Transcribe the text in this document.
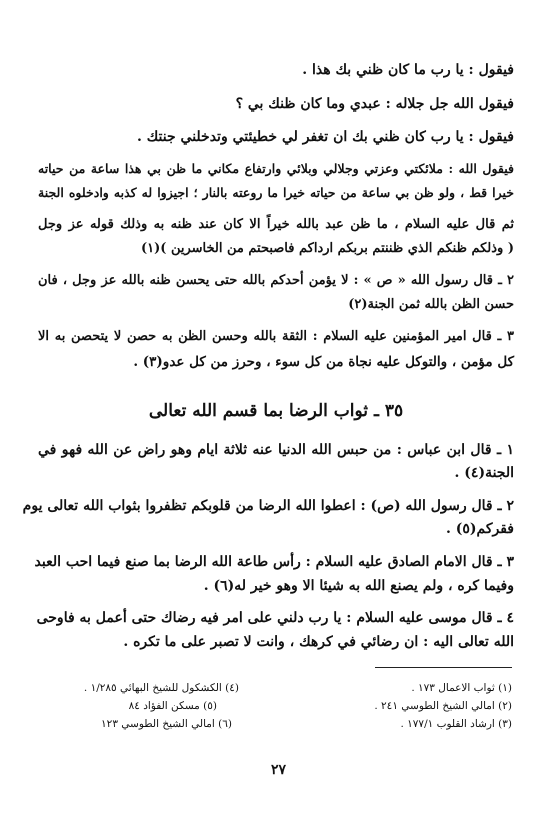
فيقول : يا رب ما كان ظني بك هذا .
فيقول الله جل جلاله : عبدي وما كان ظنك بي ؟
فيقول : يا رب كان ظني بك ان تغفر لي خطيئتي وتدخلني جنتك .
فيقول الله : ملائكتي وعزتي وجلالي وبلائي وارتفاع مكاني ما ظن بي هذا ساعة من حياته
خيرا قط ، ولو ظن بي ساعة من حياته خيرا ما روعته بالنار ؛ اجيزوا له كذبه وادخلوه الجنة
ثم قال عليه السلام ، ما ظن عبد بالله خيراً الا كان عند ظنه به وذلك قوله عز وجل
( وذلكم ظنكم الذي ظننتم بربكم ارداكم فاصبحتم من الخاسرين )(١)
٢ ـ قال رسول الله « ص » : لا يؤمن أحدكم بالله حتى يحسن ظنه بالله عز وجل ، فان
حسن الظن بالله ثمن الجنة(٢)
٣ ـ قال امير المؤمنين عليه السلام : الثقة بالله وحسن الظن به حصن لا يتحصن به الا
كل مؤمن ، والتوكل عليه نجاة من كل سوء ، وحرز من كل عدو(٣) .
٣٥ ـ ثواب الرضا بما قسم الله تعالى
١ ـ قال ابن عباس : من حبس الله الدنيا عنه ثلاثة ايام وهو راض عن الله فهو في
الجنة(٤) .
٢ ـ قال رسول الله (ص) : اعطوا الله الرضا من قلوبكم تظفروا بثواب الله تعالى يوم
فقركم(٥) .
٣ ـ قال الامام الصادق عليه السلام : رأس طاعة الله الرضا بما صنع فيما احب العبد
وفيما كره ، ولم يصنع الله به شيئا الا وهو خير له(٦) .
٤ ـ قال موسى عليه السلام : يا رب دلني على امر فيه رضاك حتى أعمل به فاوحى
الله تعالى اليه : ان رضائي في كرهك ، وانت لا تصبر على ما تكره .
(١) ثواب الاعمال ١٧٣ .
(٢) امالي الشيخ الطوسي ٢٤١ .
(٣) ارشاد القلوب ١٧٧/١ .
(٤) الكشكول للشيخ البهائي ١/٢٨٥ .
(٥) مسكن الفؤاد ٨٤
(٦) امالي الشيخ الطوسي ١٢٣
٢٧
